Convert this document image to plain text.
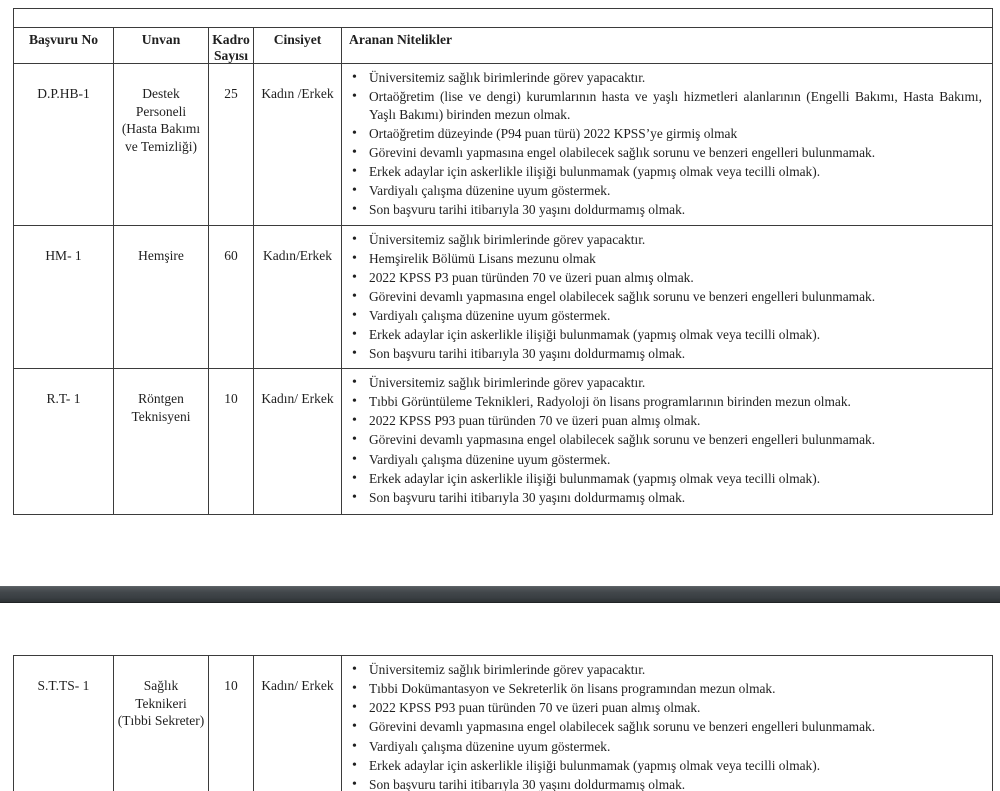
Başvuru No	Unvan	Kadro Sayısı	Cinsiyet	Aranan Nitelikler
D.P.HB-1	Destek Personeli (Hasta Bakımı ve Temizliği)	25	Kadın /Erkek	
• Üniversitemiz sağlık birimlerinde görev yapacaktır.
• Ortaöğretim (lise ve dengi) kurumlarının hasta ve yaşlı hizmetleri alanlarının (Engelli Bakımı, Hasta Bakımı, Yaşlı Bakımı) birinden mezun olmak.
• Ortaöğretim düzeyinde (P94 puan türü) 2022 KPSS’ye girmiş olmak
• Görevini devamlı yapmasına engel olabilecek sağlık sorunu ve benzeri engelleri bulunmamak.
• Erkek adaylar için askerlikle ilişiği bulunmamak (yapmış olmak veya tecilli olmak).
• Vardiyalı çalışma düzenine uyum göstermek.
• Son başvuru tarihi itibarıyla 30 yaşını doldurmamış olmak.

HM- 1	Hemşire	60	Kadın/Erkek	
• Üniversitemiz sağlık birimlerinde görev yapacaktır.
• Hemşirelik Bölümü Lisans mezunu olmak
• 2022 KPSS P3 puan türünden 70 ve üzeri puan almış olmak.
• Görevini devamlı yapmasına engel olabilecek sağlık sorunu ve benzeri engelleri bulunmamak.
• Vardiyalı çalışma düzenine uyum göstermek.
• Erkek adaylar için askerlikle ilişiği bulunmamak (yapmış olmak veya tecilli olmak).
• Son başvuru tarihi itibarıyla 30 yaşını doldurmamış olmak.

R.T- 1	Röntgen Teknisyeni	10	Kadın/ Erkek	
• Üniversitemiz sağlık birimlerinde görev yapacaktır.
• Tıbbi Görüntüleme Teknikleri, Radyoloji ön lisans programlarının birinden mezun olmak.
• 2022 KPSS P93 puan türünden 70 ve üzeri puan almış olmak.
• Görevini devamlı yapmasına engel olabilecek sağlık sorunu ve benzeri engelleri bulunmamak.
• Vardiyalı çalışma düzenine uyum göstermek.
• Erkek adaylar için askerlikle ilişiği bulunmamak (yapmış olmak veya tecilli olmak).
• Son başvuru tarihi itibarıyla 30 yaşını doldurmamış olmak.
S.T.TS- 1	Sağlık Teknikeri (Tıbbi Sekreter)	10	Kadın/ Erkek	
• Üniversitemiz sağlık birimlerinde görev yapacaktır.
• Tıbbi Dokümantasyon ve Sekreterlik ön lisans programından mezun olmak.
• 2022 KPSS P93 puan türünden 70 ve üzeri puan almış olmak.
• Görevini devamlı yapmasına engel olabilecek sağlık sorunu ve benzeri engelleri bulunmamak.
• Vardiyalı çalışma düzenine uyum göstermek.
• Erkek adaylar için askerlikle ilişiği bulunmamak (yapmış olmak veya tecilli olmak).
• Son başvuru tarihi itibarıyla 30 yaşını doldurmamış olmak.
